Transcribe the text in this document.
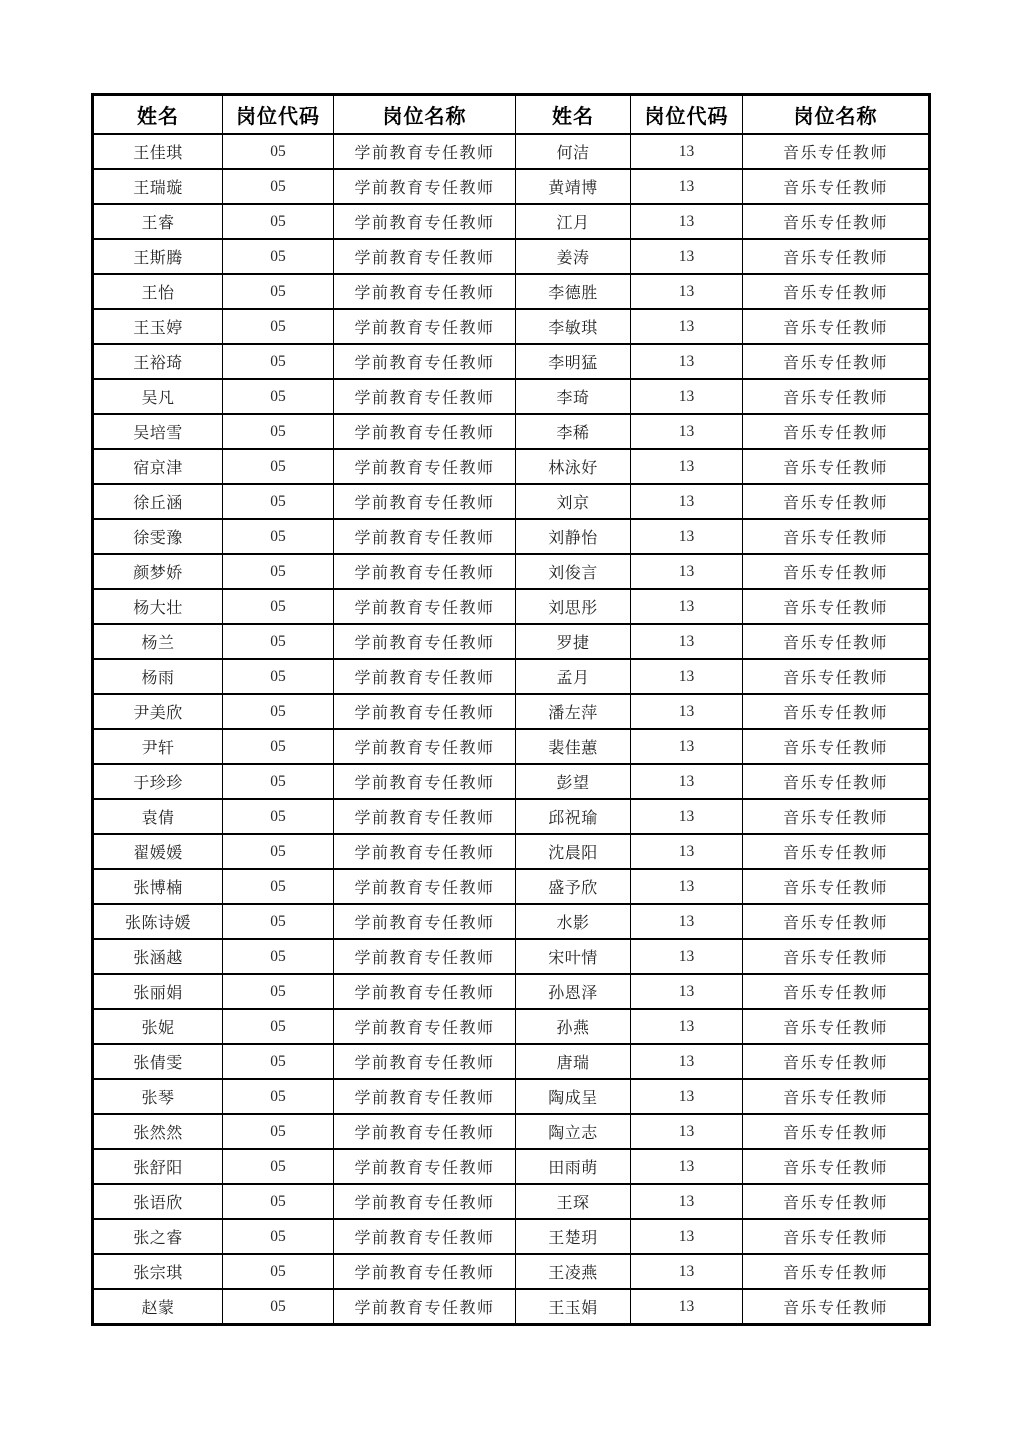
姓名	岗位代码	岗位名称	姓名	岗位代码	岗位名称
王佳琪	05	学前教育专任教师	何洁	13	音乐专任教师
王瑞璇	05	学前教育专任教师	黄靖博	13	音乐专任教师
王睿	05	学前教育专任教师	江月	13	音乐专任教师
王斯腾	05	学前教育专任教师	姜涛	13	音乐专任教师
王怡	05	学前教育专任教师	李德胜	13	音乐专任教师
王玉婷	05	学前教育专任教师	李敏琪	13	音乐专任教师
王裕琦	05	学前教育专任教师	李明猛	13	音乐专任教师
吴凡	05	学前教育专任教师	李琦	13	音乐专任教师
吴培雪	05	学前教育专任教师	李稀	13	音乐专任教师
宿京津	05	学前教育专任教师	林泳好	13	音乐专任教师
徐丘涵	05	学前教育专任教师	刘京	13	音乐专任教师
徐雯豫	05	学前教育专任教师	刘静怡	13	音乐专任教师
颜梦娇	05	学前教育专任教师	刘俊言	13	音乐专任教师
杨大壮	05	学前教育专任教师	刘思彤	13	音乐专任教师
杨兰	05	学前教育专任教师	罗捷	13	音乐专任教师
杨雨	05	学前教育专任教师	孟月	13	音乐专任教师
尹美欣	05	学前教育专任教师	潘左萍	13	音乐专任教师
尹轩	05	学前教育专任教师	裴佳蕙	13	音乐专任教师
于珍珍	05	学前教育专任教师	彭望	13	音乐专任教师
袁倩	05	学前教育专任教师	邱祝瑜	13	音乐专任教师
翟媛媛	05	学前教育专任教师	沈晨阳	13	音乐专任教师
张博楠	05	学前教育专任教师	盛予欣	13	音乐专任教师
张陈诗媛	05	学前教育专任教师	水影	13	音乐专任教师
张涵越	05	学前教育专任教师	宋叶情	13	音乐专任教师
张丽娟	05	学前教育专任教师	孙恩泽	13	音乐专任教师
张妮	05	学前教育专任教师	孙燕	13	音乐专任教师
张倩雯	05	学前教育专任教师	唐瑞	13	音乐专任教师
张琴	05	学前教育专任教师	陶成呈	13	音乐专任教师
张然然	05	学前教育专任教师	陶立志	13	音乐专任教师
张舒阳	05	学前教育专任教师	田雨萌	13	音乐专任教师
张语欣	05	学前教育专任教师	王琛	13	音乐专任教师
张之睿	05	学前教育专任教师	王楚玥	13	音乐专任教师
张宗琪	05	学前教育专任教师	王凌燕	13	音乐专任教师
赵蒙	05	学前教育专任教师	王玉娟	13	音乐专任教师
